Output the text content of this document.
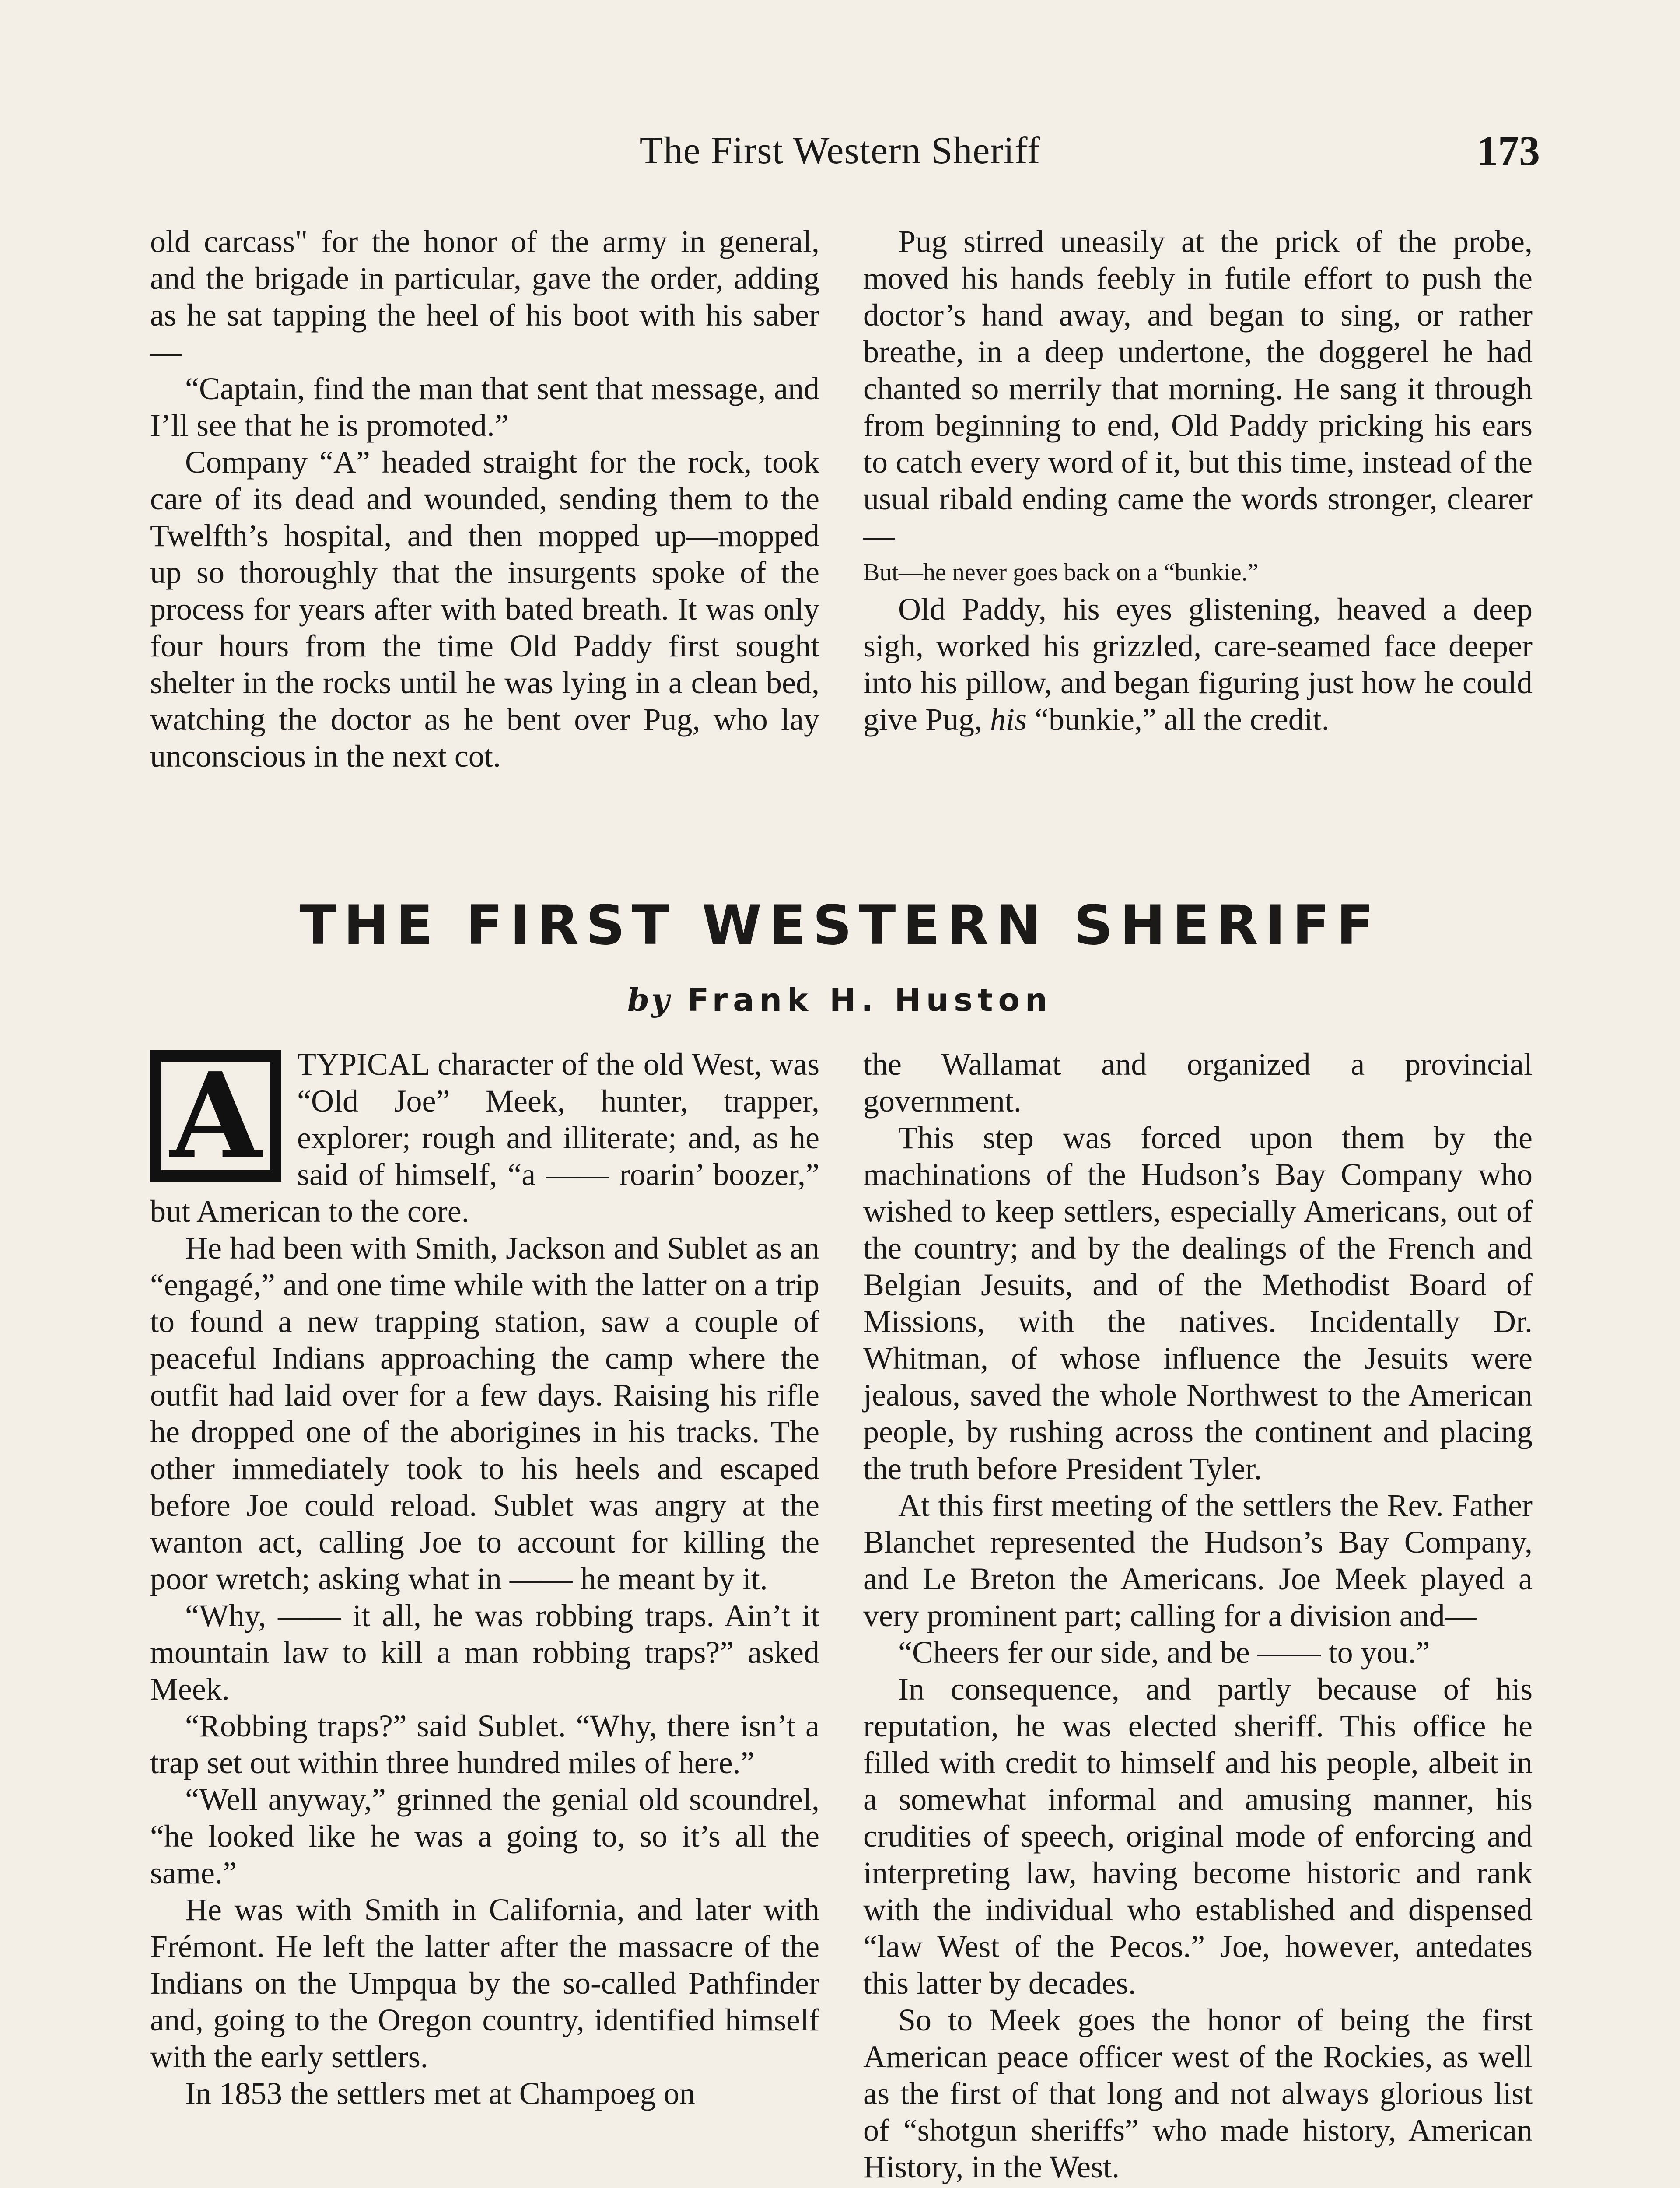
The First Western Sheriff	173

old carcass" for the honor of the army in general, and the brigade in particular, gave the order, adding as he sat tapping the heel of his boot with his saber—

“Captain, find the man that sent that message, and I’ll see that he is promoted.”

Company “A” headed straight for the rock, took care of its dead and wounded, sending them to the Twelfth’s hospital, and then mopped up—mopped up so thoroughly that the insurgents spoke of the process for years after with bated breath. It was only four hours from the time Old Paddy first sought shelter in the rocks until he was lying in a clean bed, watching the doctor as he bent over Pug, who lay unconscious in the next cot.

Pug stirred uneasily at the prick of the probe, moved his hands feebly in futile effort to push the doctor’s hand away, and began to sing, or rather breathe, in a deep undertone, the doggerel he had chanted so merrily that morning. He sang it through from beginning to end, Old Paddy pricking his ears to catch every word of it, but this time, instead of the usual ribald ending came the words stronger, clearer—

But—he never goes back on a “bunkie.”

Old Paddy, his eyes glistening, heaved a deep sigh, worked his grizzled, care-seamed face deeper into his pillow, and began figuring just how he could give Pug, his “bunkie,” all the credit.

THE FIRST WESTERN SHERIFF
by Frank H. Huston

A TYPICAL character of the old West, was “Old Joe” Meek, hunter, trapper, explorer; rough and illiterate; and, as he said of himself, “a —— roarin’ boozer,” but American to the core.

He had been with Smith, Jackson and Sublet as an “engagé,” and one time while with the latter on a trip to found a new trapping station, saw a couple of peaceful Indians approaching the camp where the outfit had laid over for a few days. Raising his rifle he dropped one of the aborigines in his tracks. The other immediately took to his heels and escaped before Joe could reload. Sublet was angry at the wanton act, calling Joe to account for killing the poor wretch; asking what in —— he meant by it.

“Why, —— it all, he was robbing traps. Ain’t it mountain law to kill a man robbing traps?” asked Meek.

“Robbing traps?” said Sublet. “Why, there isn’t a trap set out within three hundred miles of here.”

“Well anyway,” grinned the genial old scoundrel, “he looked like he was a going to, so it’s all the same.”

He was with Smith in California, and later with Frémont. He left the latter after the massacre of the Indians on the Umpqua by the so-called Pathfinder and, going to the Oregon country, identified himself with the early settlers.

In 1853 the settlers met at Champoeg on

the Wallamat and organized a provincial government.

This step was forced upon them by the machinations of the Hudson’s Bay Company who wished to keep settlers, especially Americans, out of the country; and by the dealings of the French and Belgian Jesuits, and of the Methodist Board of Missions, with the natives. Incidentally Dr. Whitman, of whose influence the Jesuits were jealous, saved the whole Northwest to the American people, by rushing across the continent and placing the truth before President Tyler.

At this first meeting of the settlers the Rev. Father Blanchet represented the Hudson’s Bay Company, and Le Breton the Americans. Joe Meek played a very prominent part; calling for a division and—

“Cheers fer our side, and be —— to you.”

In consequence, and partly because of his reputation, he was elected sheriff. This office he filled with credit to himself and his people, albeit in a somewhat informal and amusing manner, his crudities of speech, original mode of enforcing and interpreting law, having become historic and rank with the individual who established and dispensed “law West of the Pecos.” Joe, however, antedates this latter by decades.

So to Meek goes the honor of being the first American peace officer west of the Rockies, as well as the first of that long and not always glorious list of “shotgun sheriffs” who made history, American History, in the West.
